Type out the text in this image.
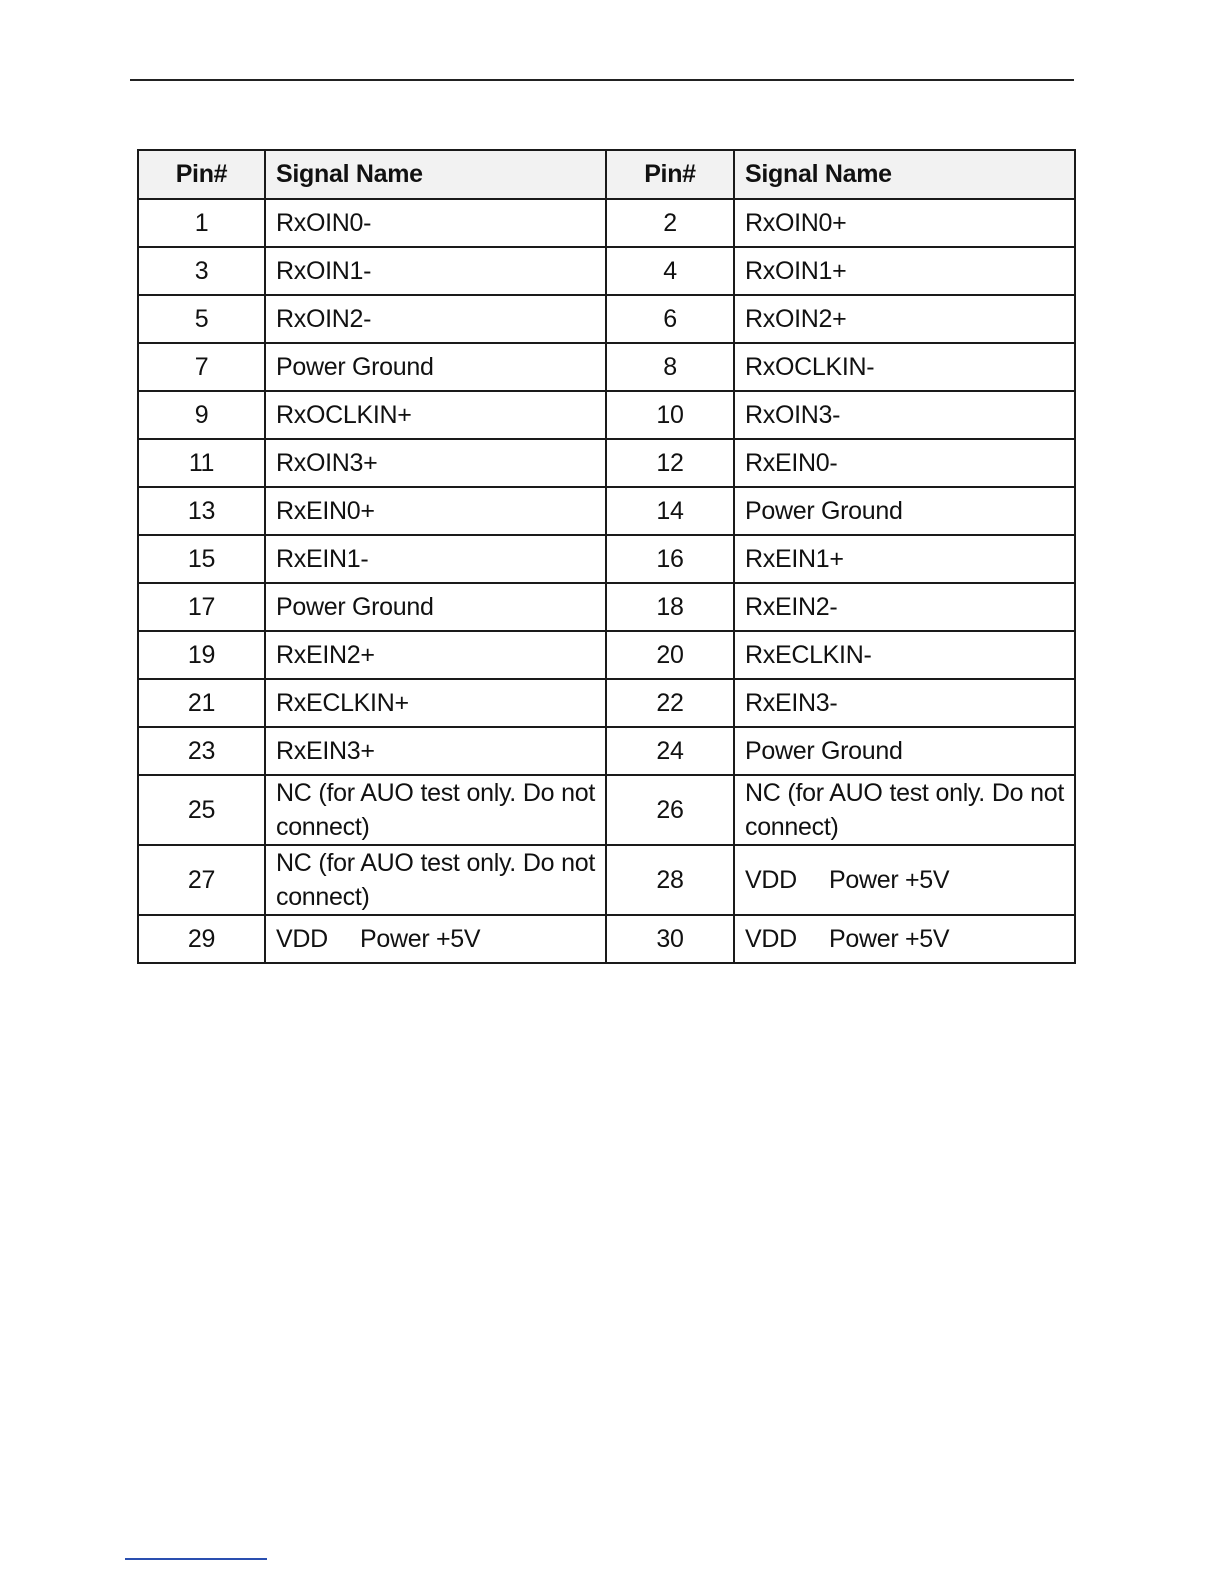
Pin#	Signal Name	Pin#	Signal Name
1	RxOIN0-	2	RxOIN0+
3	RxOIN1-	4	RxOIN1+
5	RxOIN2-	6	RxOIN2+
7	Power Ground	8	RxOCLKIN-
9	RxOCLKIN+	10	RxOIN3-
11	RxOIN3+	12	RxEIN0-
13	RxEIN0+	14	Power Ground
15	RxEIN1-	16	RxEIN1+
17	Power Ground	18	RxEIN2-
19	RxEIN2+	20	RxECLKIN-
21	RxECLKIN+	22	RxEIN3-
23	RxEIN3+	24	Power Ground
25	NC (for AUO test only. Do not connect)	26	NC (for AUO test only. Do not connect)
27	NC (for AUO test only. Do not connect)	28	VDD Power +5V
29	VDD Power +5V	30	VDD Power +5V
